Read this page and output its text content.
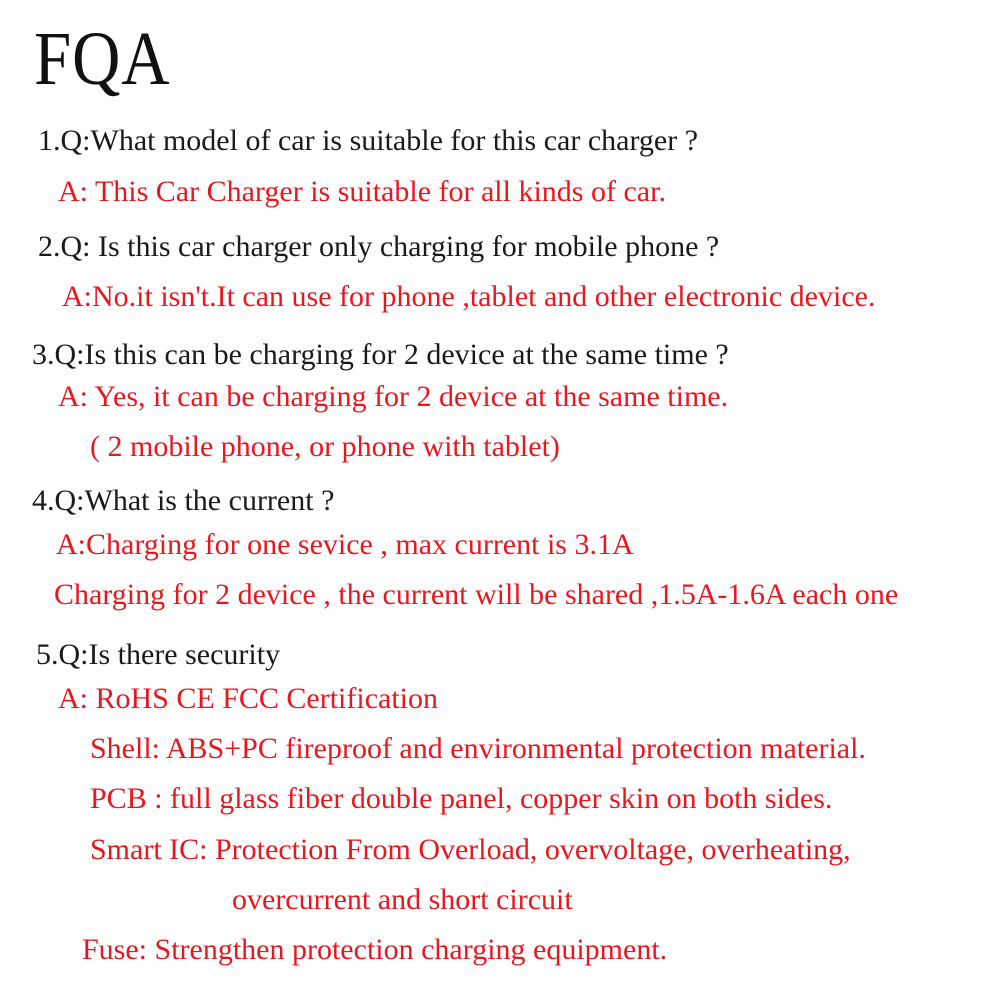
FQA
1.Q:What model of car is suitable for this car charger ?
A: This Car Charger is suitable for all kinds of car.
2.Q: Is this car charger only charging for mobile phone ?
A:No.it isn't.It can use for phone ,tablet and other electronic device.
3.Q:Is this can be charging for 2 device at the same time ?
A: Yes, it can be charging for 2 device at the same time.
( 2 mobile phone, or phone with tablet)
4.Q:What is the current ?
A:Charging for one sevice , max current is 3.1A
Charging for 2 device , the current will be shared ,1.5A-1.6A each one
5.Q:Is there security
A: RoHS CE FCC Certification
Shell: ABS+PC fireproof and environmental protection material.
PCB : full glass fiber double panel, copper skin on both sides.
Smart IC: Protection From Overload, overvoltage, overheating,
overcurrent and short circuit
Fuse: Strengthen protection charging equipment.
